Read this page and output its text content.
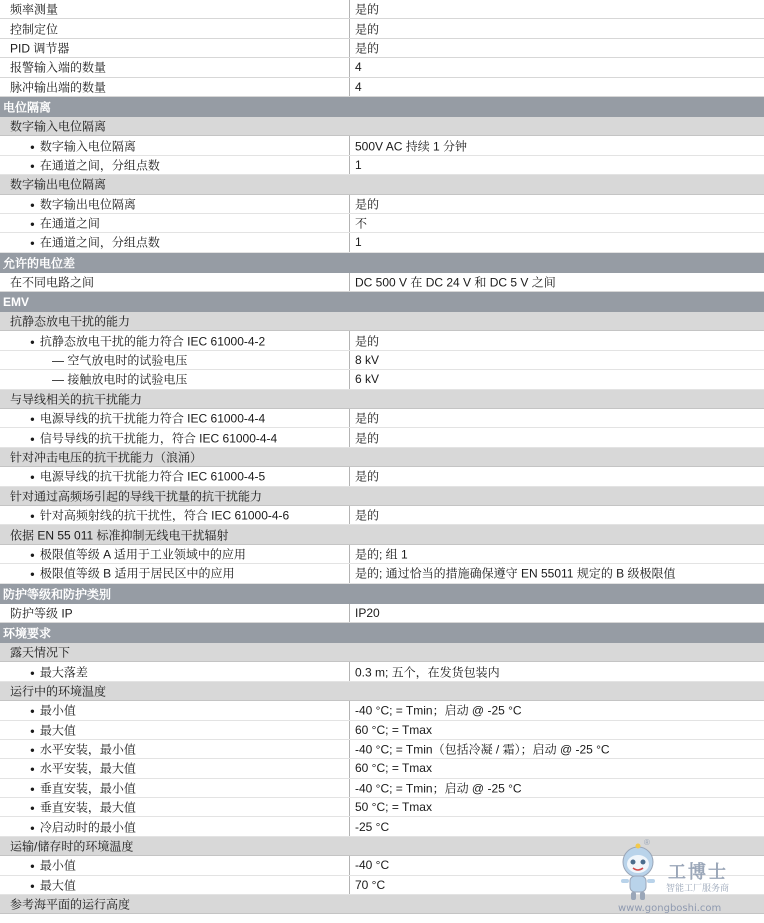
频率测量	是的
控制定位	是的
PID 调节器	是的
报警输入端的数量	4
脉冲输出端的数量	4
电位隔离
数字输入电位隔离
● 数字输入电位隔离	500V AC 持续 1 分钟
● 在通道之间，分组点数	1
数字输出电位隔离
● 数字输出电位隔离	是的
● 在通道之间	不
● 在通道之间，分组点数	1
允许的电位差
在不同电路之间	DC 500 V 在 DC 24 V 和 DC 5 V 之间
EMV
抗静态放电干扰的能力
● 抗静态放电干扰的能力符合 IEC 61000-4-2	是的
— 空气放电时的试验电压	8 kV
— 接触放电时的试验电压	6 kV
与导线相关的抗干扰能力
● 电源导线的抗干扰能力符合 IEC 61000-4-4	是的
● 信号导线的抗干扰能力，符合 IEC 61000-4-4	是的
针对冲击电压的抗干扰能力（浪涌）
● 电源导线的抗干扰能力符合 IEC 61000-4-5	是的
针对通过高频场引起的导线干扰量的抗干扰能力
● 针对高频射线的抗干扰性，符合 IEC 61000-4-6	是的
依据 EN 55 011 标准抑制无线电干扰辐射
● 极限值等级 A 适用于工业领域中的应用	是的; 组 1
● 极限值等级 B 适用于居民区中的应用	是的; 通过恰当的措施确保遵守 EN 55011 规定的 B 级极限值
防护等级和防护类别
防护等级 IP	IP20
环境要求
露天情况下
● 最大落差	0.3 m; 五个，在发货包装内
运行中的环境温度
● 最小值	-40 °C; = Tmin；启动 @ -25 °C
● 最大值	60 °C; = Tmax
● 水平安装，最小值	-40 °C; = Tmin（包括冷凝 / 霜）；启动 @ -25 °C
● 水平安装，最大值	60 °C; = Tmax
● 垂直安装，最小值	-40 °C; = Tmin；启动 @ -25 °C
● 垂直安装，最大值	50 °C; = Tmax
● 冷启动时的最小值	-25 °C
运输/储存时的环境温度
● 最小值	-40 °C
● 最大值	70 °C
参考海平面的运行高度
®
工博士
智能工厂服务商
www.gongboshi.com
